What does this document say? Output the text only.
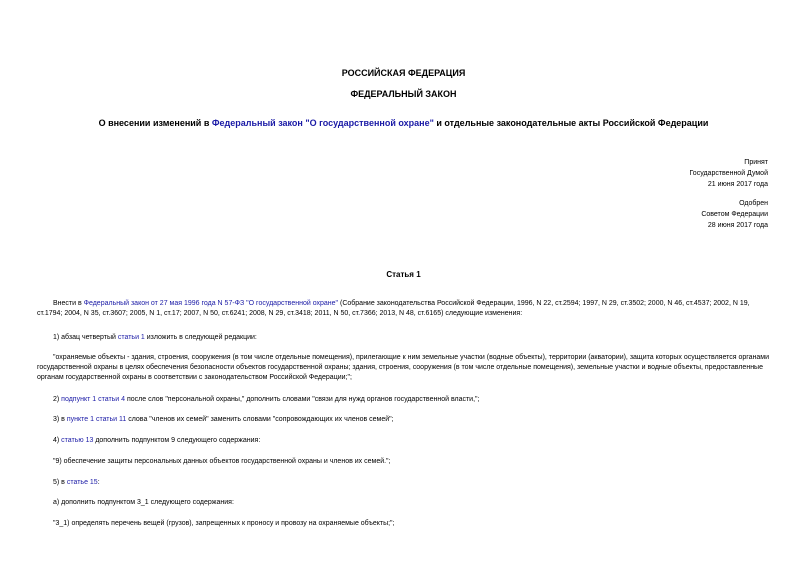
РОССИЙСКАЯ ФЕДЕРАЦИЯ
ФЕДЕРАЛЬНЫЙ ЗАКОН
О внесении изменений в Федеральный закон "О государственной охране" и отдельные законодательные акты Российской Федерации
Принят
Государственной Думой
21 июня 2017 года
Одобрен
Советом Федерации
28 июня 2017 года
Статья 1
Внести в Федеральный закон от 27 мая 1996 года N 57-ФЗ "О государственной охране" (Собрание законодательства Российской Федерации, 1996, N 22, ст.2594; 1997, N 29, ст.3502; 2000, N 46, ст.4537; 2002, N 19, ст.1794; 2004, N 35, ст.3607; 2005, N 1, ст.17; 2007, N 50, ст.6241; 2008, N 29, ст.3418; 2011, N 50, ст.7366; 2013, N 48, ст.6165) следующие изменения:
1) абзац четвертый статьи 1 изложить в следующей редакции:
"охраняемые объекты - здания, строения, сооружения (в том числе отдельные помещения), прилегающие к ним земельные участки (водные объекты), территории (акватории), защита которых осуществляется органами государственной охраны в целях обеспечения безопасности объектов государственной охраны; здания, строения, сооружения (в том числе отдельные помещения), земельные участки и водные объекты, предоставленные органам государственной охраны в соответствии с законодательством Российской Федерации;";
2) подпункт 1 статьи 4 после слов "персональной охраны," дополнить словами "связи для нужд органов государственной власти,";
3) в пункте 1 статьи 11 слова "членов их семей" заменить словами "сопровождающих их членов семей";
4) статью 13 дополнить подпунктом 9 следующего содержания:
"9) обеспечение защиты персональных данных объектов государственной охраны и членов их семей.";
5) в статье 15:
а) дополнить подпунктом 3_1 следующего содержания:
"3_1) определять перечень вещей (грузов), запрещенных к проносу и провозу на охраняемые объекты;";
